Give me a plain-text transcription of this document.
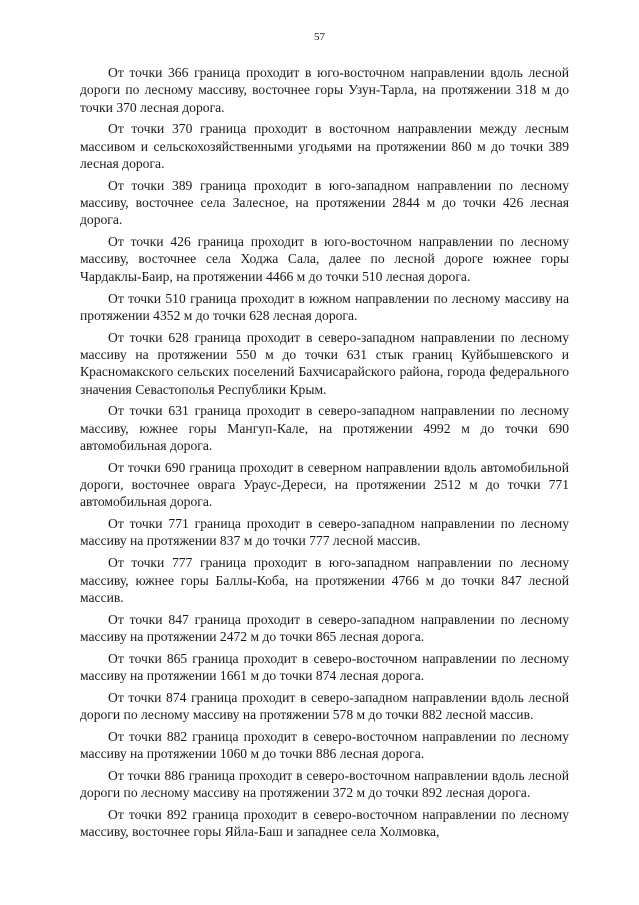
57

От точки 366 граница проходит в юго-восточном направлении вдоль лесной дороги по лесному массиву, восточнее горы Узун-Тарла, на протяжении 318 м до точки 370 лесная дорога.

От точки 370 граница проходит в восточном направлении между лесным массивом и сельскохозяйственными угодьями на протяжении 860 м до точки 389 лесная дорога.

От точки 389 граница проходит в юго-западном направлении по лесному массиву, восточнее села Залесное, на протяжении 2844 м до точки 426 лесная дорога.

От точки 426 граница проходит в юго-восточном направлении по лесному массиву, восточнее села Ходжа Сала, далее по лесной дороге южнее горы Чардаклы-Баир, на протяжении 4466 м до точки 510 лесная дорога.

От точки 510 граница проходит в южном направлении по лесному массиву на протяжении 4352 м до точки 628 лесная дорога.

От точки 628 граница проходит в северо-западном направлении по лесному массиву на протяжении 550 м до точки 631 стык границ Куйбышевского и Красномакского сельских поселений Бахчисарайского района, города федерального значения Севастополья Республики Крым.

От точки 631 граница проходит в северо-западном направлении по лесному массиву, южнее горы Мангуп-Кале, на протяжении 4992 м до точки 690 автомобильная дорога.

От точки 690 граница проходит в северном направлении вдоль автомобильной дороги, восточнее оврага Ураус-Дереси, на протяжении 2512 м до точки 771 автомобильная дорога.

От точки 771 граница проходит в северо-западном направлении по лесному массиву на протяжении 837 м до точки 777 лесной массив.

От точки 777 граница проходит в юго-западном направлении по лесному массиву, южнее горы Баллы-Коба, на протяжении 4766 м до точки 847 лесной массив.

От точки 847 граница проходит в северо-западном направлении по лесному массиву на протяжении 2472 м до точки 865 лесная дорога.

От точки 865 граница проходит в северо-восточном направлении по лесному массиву на протяжении 1661 м до точки 874 лесная дорога.

От точки 874 граница проходит в северо-западном направлении вдоль лесной дороги по лесному массиву на протяжении 578 м до точки 882 лесной массив.

От точки 882 граница проходит в северо-восточном направлении по лесному массиву на протяжении 1060 м до точки 886 лесная дорога.

От точки 886 граница проходит в северо-восточном направлении вдоль лесной дороги по лесному массиву на протяжении 372 м до точки 892 лесная дорога.

От точки 892 граница проходит в северо-восточном направлении по лесному массиву, восточнее горы Яйла-Баш и западнее села Холмовка,
